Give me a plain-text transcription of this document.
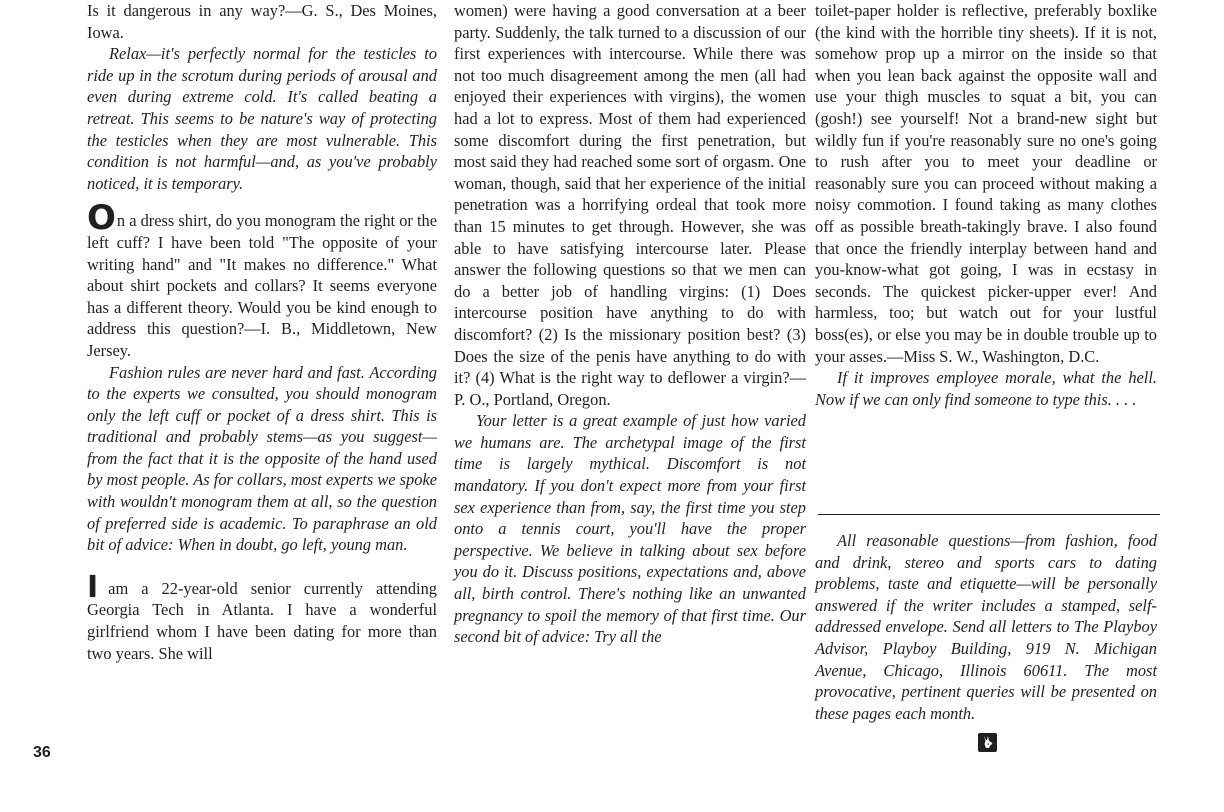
Is it dangerous in any way?—G. S., Des Moines, Iowa.

Relax—it's perfectly normal for the testicles to ride up in the scrotum during periods of arousal and even during extreme cold. It's called beating a retreat. This seems to be nature's way of protecting the testicles when they are most vulnerable. This condition is not harmful—and, as you've probably noticed, it is temporary.

On a dress shirt, do you monogram the right or the left cuff? I have been told "The opposite of your writing hand" and "It makes no difference." What about shirt pockets and collars? It seems everyone has a different theory. Would you be kind enough to address this question?—I. B., Middletown, New Jersey.

Fashion rules are never hard and fast. According to the experts we consulted, you should monogram only the left cuff or pocket of a dress shirt. This is traditional and probably stems—as you suggest—from the fact that it is the opposite of the hand used by most people. As for collars, most experts we spoke with wouldn't monogram them at all, so the question of preferred side is academic. To paraphrase an old bit of advice: When in doubt, go left, young man.

Iam a 22-year-old senior currently attending Georgia Tech in Atlanta. I have a wonderful girlfriend whom I have been dating for more than two years. She will

women) were having a good conversation at a beer party. Suddenly, the talk turned to a discussion of our first experiences with intercourse. While there was not too much disagreement among the men (all had enjoyed their experiences with virgins), the women had a lot to express. Most of them had experienced some discomfort during the first penetration, but most said they had reached some sort of orgasm. One woman, though, said that her experience of the initial penetration was a horrifying ordeal that took more than 15 minutes to get through. However, she was able to have satisfying intercourse later. Please answer the following questions so that we men can do a better job of handling virgins: (1) Does intercourse position have anything to do with discomfort? (2) Is the missionary position best? (3) Does the size of the penis have anything to do with it? (4) What is the right way to deflower a virgin?—P. O., Portland, Oregon.

Your letter is a great example of just how varied we humans are. The archetypal image of the first time is largely mythical. Discomfort is not mandatory. If you don't expect more from your first sex experience than from, say, the first time you step onto a tennis court, you'll have the proper perspective. We believe in talking about sex before you do it. Discuss positions, expectations and, above all, birth control. There's nothing like an unwanted pregnancy to spoil the memory of that first time. Our second bit of advice: Try all the

toilet-paper holder is reflective, preferably boxlike (the kind with the horrible tiny sheets). If it is not, somehow prop up a mirror on the inside so that when you lean back against the opposite wall and use your thigh muscles to squat a bit, you can (gosh!) see yourself! Not a brand-new sight but wildly fun if you're reasonably sure no one's going to rush after you to meet your deadline or reasonably sure you can proceed without making a noisy commotion. I found taking as many clothes off as possible breath-takingly brave. I also found that once the friendly interplay between hand and you-know-what got going, I was in ecstasy in seconds. The quickest picker-upper ever! And harmless, too; but watch out for your lustful boss(es), or else you may be in double trouble up to your asses.—Miss S. W., Washington, D.C.

If it improves employee morale, what the hell. Now if we can only find someone to type this. . . .

All reasonable questions—from fashion, food and drink, stereo and sports cars to dating problems, taste and etiquette—will be personally answered if the writer includes a stamped, self-addressed envelope. Send all letters to The Playboy Advisor, Playboy Building, 919 N. Michigan Avenue, Chicago, Illinois 60611. The most provocative, pertinent queries will be presented on these pages each month.

36
